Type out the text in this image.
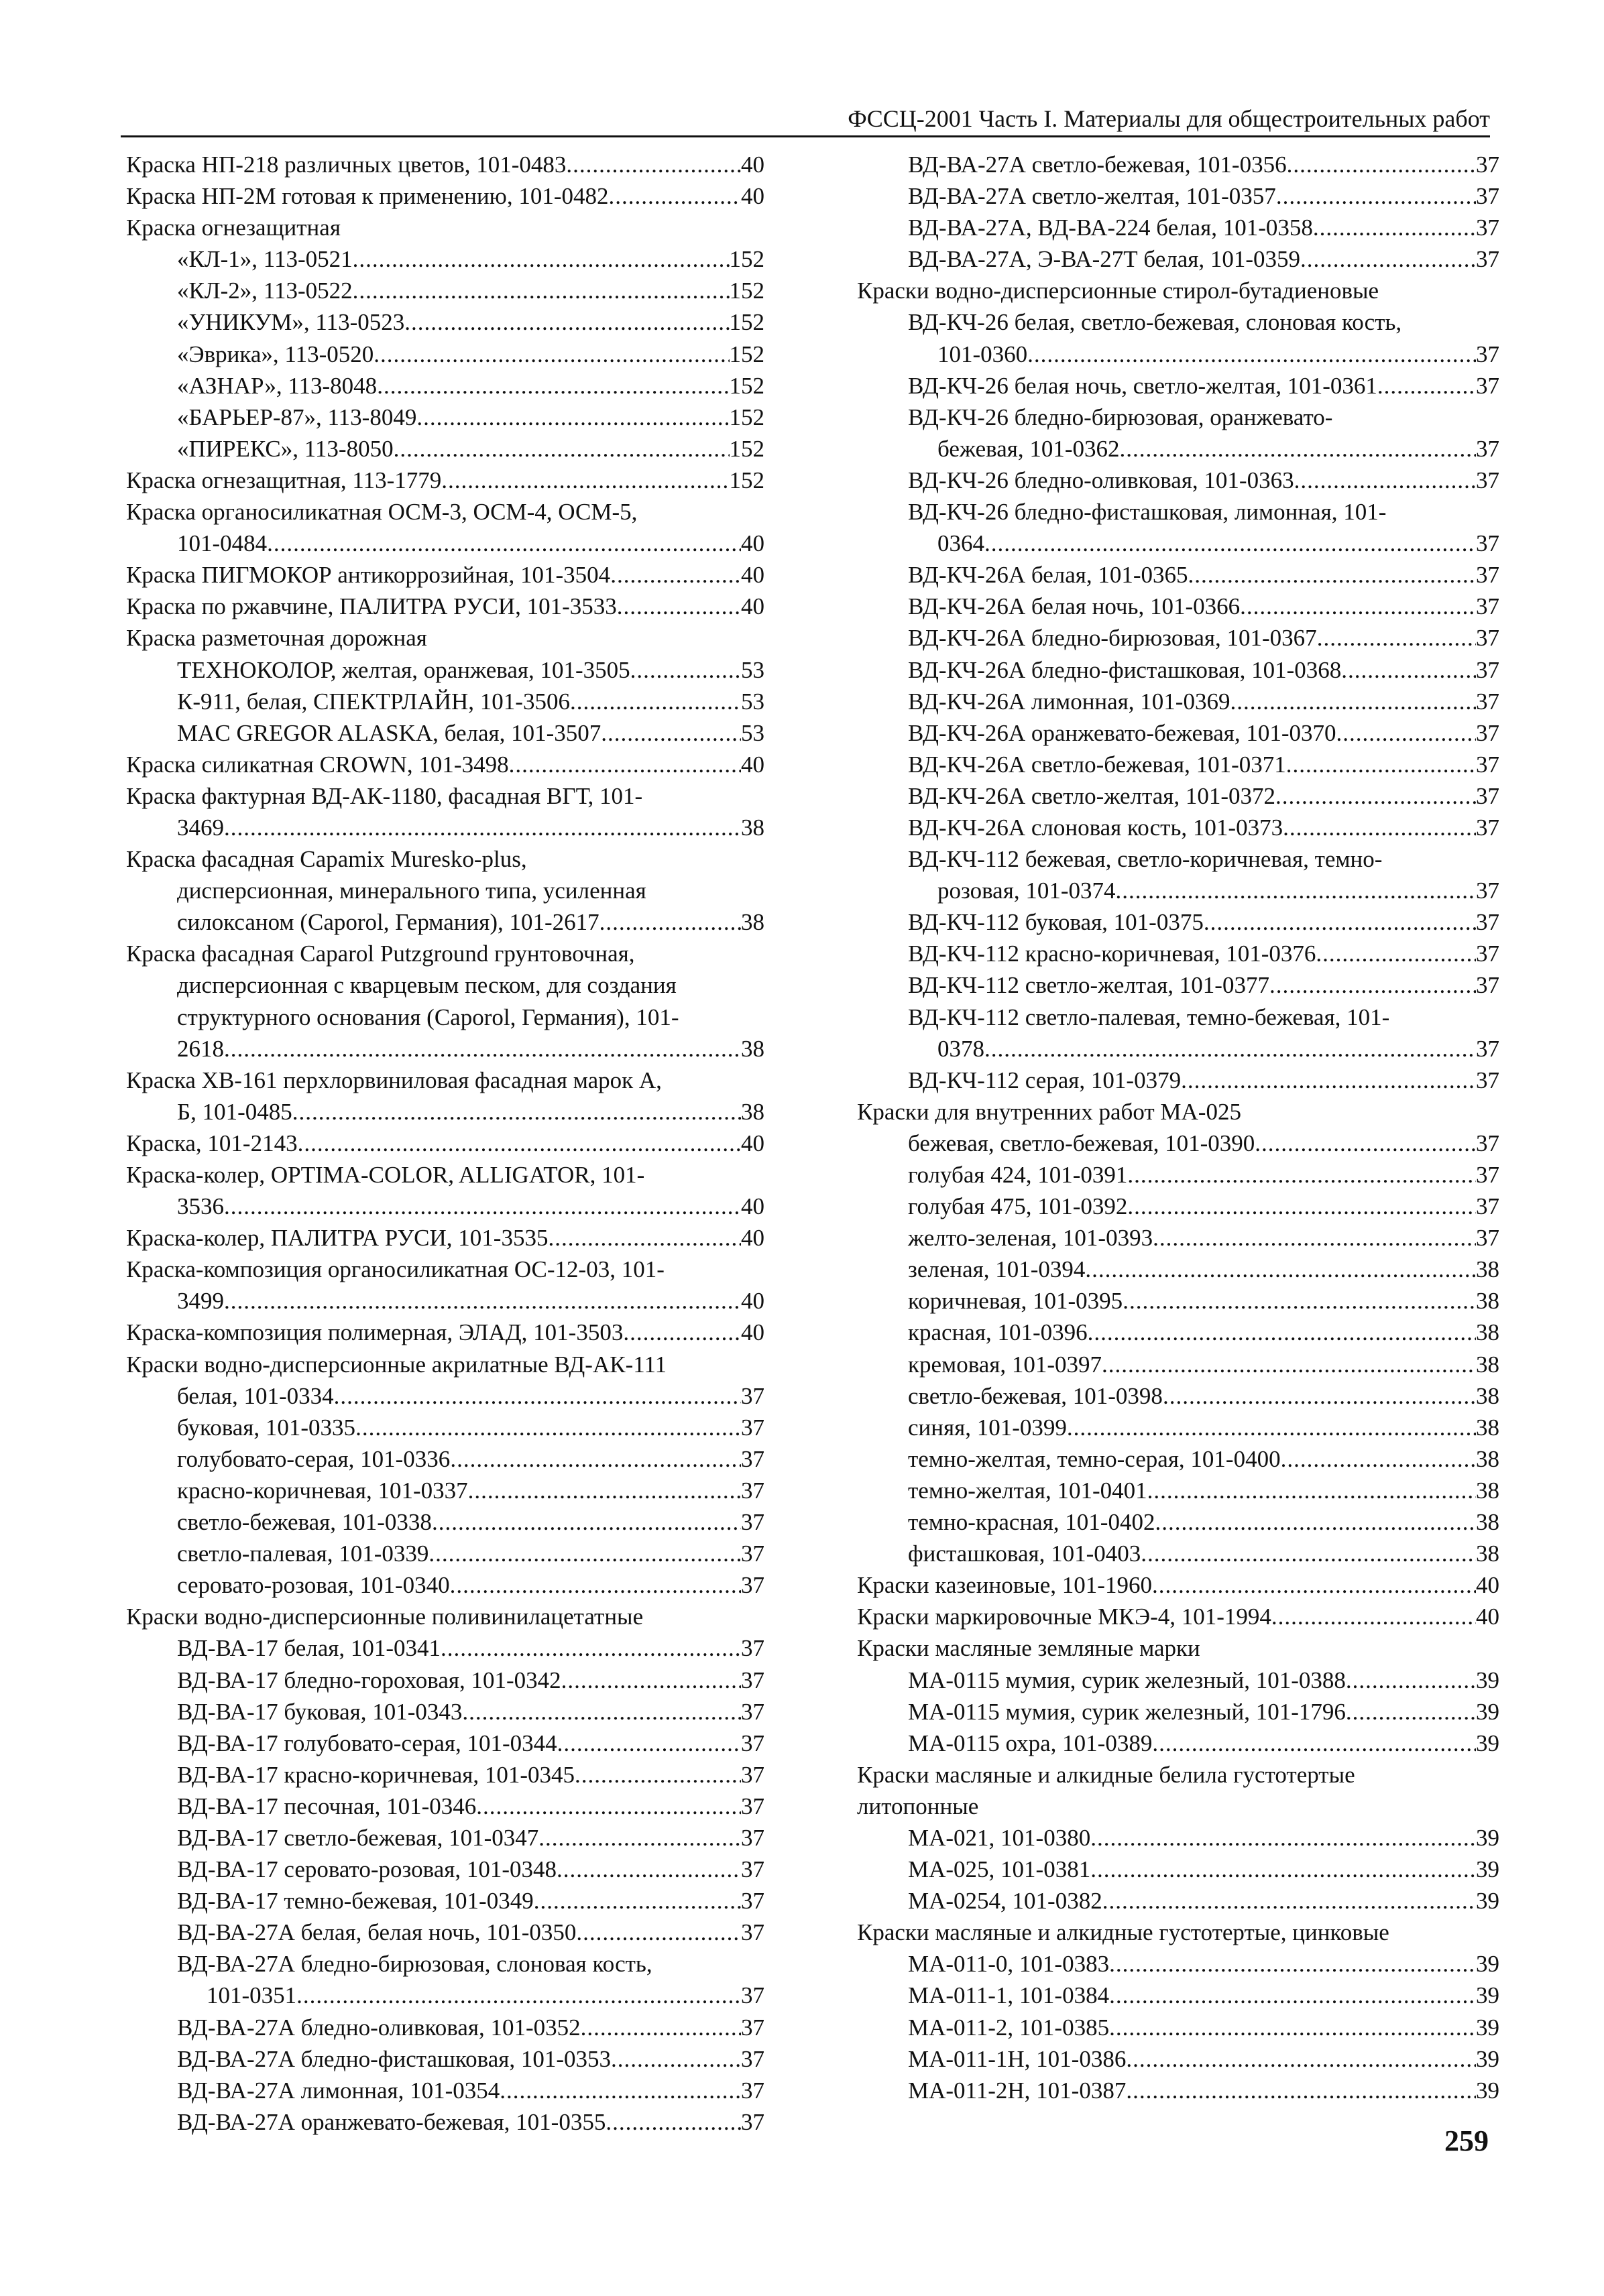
ФССЦ-2001 Часть I. Материалы для общестроительных работ
Краска НП-218 различных цветов, 101-0483 .....	40
Краска НП-2М готовая к применению, 101-0482 .....	40
Краска огнезащитная
«КЛ-1», 113-0521 .....	152
«КЛ-2», 113-0522 .....	152
«УНИКУМ», 113-0523 .....	152
«Эврика», 113-0520 .....	152
«АЗНАР», 113-8048 .....	152
«БАРЬЕР-87», 113-8049 .....	152
«ПИРЕКС», 113-8050 .....	152
Краска огнезащитная, 113-1779 .....	152
Краска органосиликатная ОСМ-3, ОСМ-4, ОСМ-5,
101-0484 .....	40
Краска ПИГМОКОР антикоррозийная, 101-3504 .....	40
Краска по ржавчине, ПАЛИТРА РУСИ, 101-3533 .....	40
Краска разметочная дорожная
ТЕХНОКОЛОР, желтая, оранжевая, 101-3505 .....	53
К-911, белая, СПЕКТРЛАЙН, 101-3506 .....	53
MAC GREGOR ALASKA, белая, 101-3507 .....	53
Краска силикатная CROWN, 101-3498 .....	40
Краска фактурная ВД-АК-1180, фасадная ВГТ, 101-
3469 .....	38
Краска фасадная Capamix Muresko-plus,
дисперсионная, минерального типа, усиленная
силоксаном (Caporol, Германия), 101-2617 .....	38
Краска фасадная Caparol Putzground грунтовочная,
дисперсионная с кварцевым песком, для создания
структурного основания (Caporol, Германия), 101-
2618 .....	38
Краска ХВ-161 перхлорвиниловая фасадная марок А,
Б, 101-0485 .....	38
Краска, 101-2143 .....	40
Краска-колер, OPTIMA-COLOR, ALLIGATOR, 101-
3536 .....	40
Краска-колер, ПАЛИТРА РУСИ, 101-3535 .....	40
Краска-композиция органосиликатная ОС-12-03, 101-
3499 .....	40
Краска-композиция полимерная, ЭЛАД, 101-3503 .....	40
Краски водно-дисперсионные акрилатные ВД-АК-111
белая, 101-0334 .....	37
буковая, 101-0335 .....	37
голубовато-серая, 101-0336 .....	37
красно-коричневая, 101-0337 .....	37
светло-бежевая, 101-0338 .....	37
светло-палевая, 101-0339 .....	37
серовато-розовая, 101-0340 .....	37
Краски водно-дисперсионные поливинилацетатные
ВД-ВА-17 белая, 101-0341 .....	37
ВД-ВА-17 бледно-гороховая, 101-0342 .....	37
ВД-ВА-17 буковая, 101-0343 .....	37
ВД-ВА-17 голубовато-серая, 101-0344 .....	37
ВД-ВА-17 красно-коричневая, 101-0345 .....	37
ВД-ВА-17 песочная, 101-0346 .....	37
ВД-ВА-17 светло-бежевая, 101-0347 .....	37
ВД-ВА-17 серовато-розовая, 101-0348 .....	37
ВД-ВА-17 темно-бежевая, 101-0349 .....	37
ВД-ВА-27А белая, белая ночь, 101-0350 .....	37
ВД-ВА-27А бледно-бирюзовая, слоновая кость,
101-0351 .....	37
ВД-ВА-27А бледно-оливковая, 101-0352 .....	37
ВД-ВА-27А бледно-фисташковая, 101-0353 .....	37
ВД-ВА-27А лимонная, 101-0354 .....	37
ВД-ВА-27А оранжевато-бежевая, 101-0355 .....	37
ВД-ВА-27А светло-бежевая, 101-0356 .....	37
ВД-ВА-27А светло-желтая, 101-0357 .....	37
ВД-ВА-27А, ВД-ВА-224 белая, 101-0358 .....	37
ВД-ВА-27А, Э-ВА-27Т белая, 101-0359 .....	37
Краски водно-дисперсионные стирол-бутадиеновые
ВД-КЧ-26 белая, светло-бежевая, слоновая кость,
101-0360 .....	37
ВД-КЧ-26 белая ночь, светло-желтая, 101-0361 .....	37
ВД-КЧ-26 бледно-бирюзовая, оранжевато-
бежевая, 101-0362 .....	37
ВД-КЧ-26 бледно-оливковая, 101-0363 .....	37
ВД-КЧ-26 бледно-фисташковая, лимонная, 101-
0364 .....	37
ВД-КЧ-26А белая, 101-0365 .....	37
ВД-КЧ-26А белая ночь, 101-0366 .....	37
ВД-КЧ-26А бледно-бирюзовая, 101-0367 .....	37
ВД-КЧ-26А бледно-фисташковая, 101-0368 .....	37
ВД-КЧ-26А лимонная, 101-0369 .....	37
ВД-КЧ-26А оранжевато-бежевая, 101-0370 .....	37
ВД-КЧ-26А светло-бежевая, 101-0371 .....	37
ВД-КЧ-26А светло-желтая, 101-0372 .....	37
ВД-КЧ-26А слоновая кость, 101-0373 .....	37
ВД-КЧ-112 бежевая, светло-коричневая, темно-
розовая, 101-0374 .....	37
ВД-КЧ-112 буковая, 101-0375 .....	37
ВД-КЧ-112 красно-коричневая, 101-0376 .....	37
ВД-КЧ-112 светло-желтая, 101-0377 .....	37
ВД-КЧ-112 светло-палевая, темно-бежевая, 101-
0378 .....	37
ВД-КЧ-112 серая, 101-0379 .....	37
Краски для внутренних работ МА-025
бежевая, светло-бежевая, 101-0390 .....	37
голубая 424, 101-0391 .....	37
голубая 475, 101-0392 .....	37
желто-зеленая, 101-0393 .....	37
зеленая, 101-0394 .....	38
коричневая, 101-0395 .....	38
красная, 101-0396 .....	38
кремовая, 101-0397 .....	38
светло-бежевая, 101-0398 .....	38
синяя, 101-0399 .....	38
темно-желтая, темно-серая, 101-0400 .....	38
темно-желтая, 101-0401 .....	38
темно-красная, 101-0402 .....	38
фисташковая, 101-0403 .....	38
Краски казеиновые, 101-1960 .....	40
Краски маркировочные МКЭ-4, 101-1994 .....	40
Краски масляные земляные марки
МА-0115 мумия, сурик железный, 101-0388 .....	39
МА-0115 мумия, сурик железный, 101-1796 .....	39
МА-0115 охра, 101-0389 .....	39
Краски масляные и алкидные белила густотертые
литопонные
МА-021, 101-0380 .....	39
МА-025, 101-0381 .....	39
МА-0254, 101-0382 .....	39
Краски масляные и алкидные густотертые, цинковые
МА-011-0, 101-0383 .....	39
МА-011-1, 101-0384 .....	39
МА-011-2, 101-0385 .....	39
МА-011-1Н, 101-0386 .....	39
МА-011-2Н, 101-0387 .....	39
259
